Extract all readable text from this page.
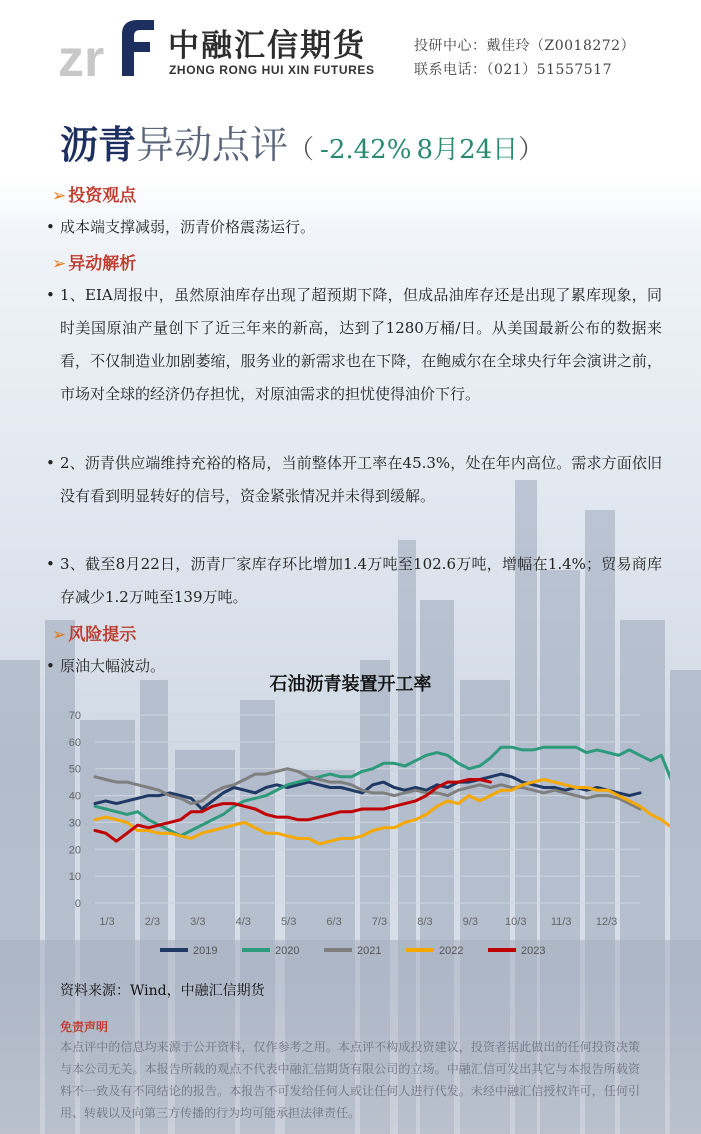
zr 中融汇信期货
ZHONG RONG HUI XIN FUTURES
投研中心：戴佳玲（Z0018272）
联系电话：（021）51557517
沥青异动点评（ -2.42% 8月24日）
➢ 投资观点
• 成本端支撑减弱，沥青价格震荡运行。
➢ 异动解析
• 1、EIA周报中，虽然原油库存出现了超预期下降，但成品油库存还是出现了累库现象，同时美国原油产量创下了近三年来的新高，达到了1280万桶/日。从美国最新公布的数据来看，不仅制造业加剧萎缩，服务业的新需求也在下降，在鲍威尔在全球央行年会演讲之前，市场对全球的经济仍存担忧，对原油需求的担忧使得油价下行。
• 2、沥青供应端维持充裕的格局，当前整体开工率在45.3%，处在年内高位。需求方面依旧没有看到明显转好的信号，资金紧张情况并未得到缓解。
• 3、截至8月22日，沥青厂家库存环比增加1.4万吨至102.6万吨，增幅在1.4%；贸易商库存减少1.2万吨至139万吨。
➢ 风险提示
• 原油大幅波动。
石油沥青装置开工率
0
10
20
30
40
50
60
70
1/3	2/3	3/3	4/3	5/3	6/3	7/3	8/3	9/3 10/3 11/3 12/3
2019	2020	2021	2022	2023
资料来源：Wind，中融汇信期货
免责声明
本点评中的信息均来源于公开资料，仅作参考之用。本点评不构成投资建议，投资者据此做出的任何投资决策与本公司无关。本报告所载的观点不代表中融汇信期货有限公司的立场。中融汇信可发出其它与本报告所载资料不一致及有不同结论的报告。本报告不可发给任何人或让任何人进行代发。未经中融汇信授权许可，任何引用、转载以及向第三方传播的行为均可能承担法律责任。
